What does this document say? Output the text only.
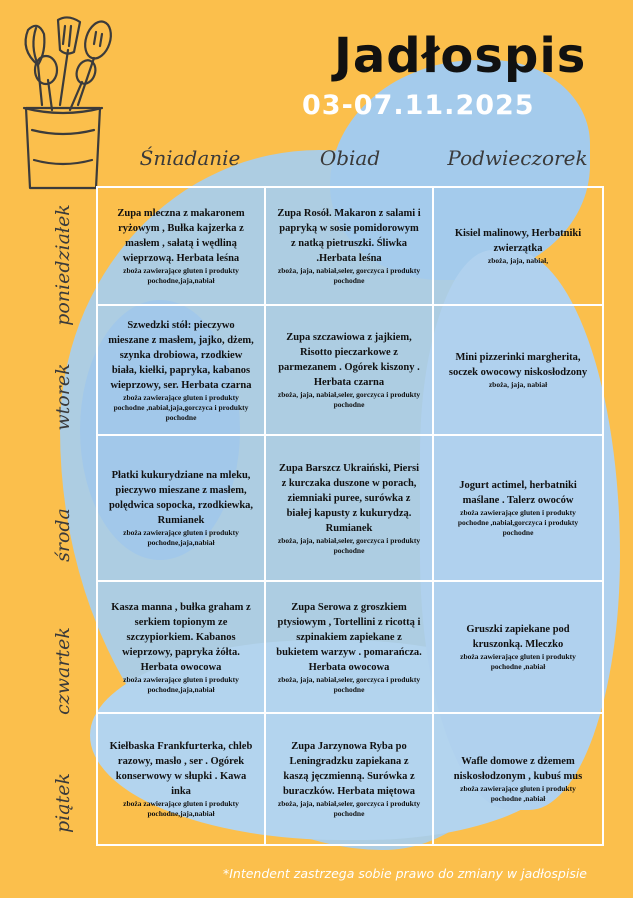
Jadłospis
03-07.11.2025
Śniadanie	Obiad	Podwieczorek
poniedziałek
wtorek
środa
czwartek
piątek
Zupa mleczna z makaronem ryżowym , Bułka kajzerka z masłem , sałatą i wędliną wieprzową. Herbata leśna
zboża zawierające gluten i produkty pochodne,jaja,nabiał
Zupa Rosół. Makaron z salami i papryką w sosie pomidorowym z natką pietruszki. Śliwka .Herbata leśna
zboża, jaja, nabiał,seler, gorczyca i produkty pochodne
Kisiel malinowy, Herbatniki zwierzątka
zboża, jaja, nabiał,
Szwedzki stół: pieczywo mieszane z masłem, jajko, dżem, szynka drobiowa, rzodkiew biała, kiełki, papryka, kabanos wieprzowy, ser. Herbata czarna
zboża zawierające gluten i produkty pochodne ,nabiał,jaja,gorczyca i produkty pochodne
Zupa szczawiowa z jajkiem, Risotto pieczarkowe z parmezanem . Ogórek kiszony . Herbata czarna
zboża, jaja, nabiał,seler, gorczyca i produkty pochodne
Mini pizzerinki margherita, soczek owocowy niskosłodzony
zboża, jaja, nabiał
Płatki kukurydziane na mleku, pieczywo mieszane z masłem, polędwica sopocka, rzodkiewka, Rumianek
zboża zawierające gluten i produkty pochodne,jaja,nabiał
Zupa Barszcz Ukraiński, Piersi z kurczaka duszone w porach, ziemniaki puree, surówka z białej kapusty z kukurydzą. Rumianek
zboża, jaja, nabiał,seler, gorczyca i produkty pochodne
Jogurt actimel, herbatniki maślane . Talerz owoców
zboża zawierające gluten i produkty pochodne ,nabiał,gorczyca i produkty pochodne
Kasza manna , bułka graham z serkiem topionym ze szczypiorkiem. Kabanos wieprzowy, papryka żółta. Herbata owocowa
zboża zawierające gluten i produkty pochodne,jaja,nabiał
Zupa Serowa z groszkiem ptysiowym , Tortellini z ricottą i szpinakiem zapiekane z bukietem warzyw . pomarańcza. Herbata owocowa
zboża, jaja, nabiał,seler, gorczyca i produkty pochodne
Gruszki zapiekane pod kruszonką. Mleczko
zboża zawierające gluten i produkty pochodne ,nabiał
Kiełbaska Frankfurterka, chleb razowy, masło , ser . Ogórek konserwowy w słupki . Kawa inka
zboża zawierające gluten i produkty pochodne,jaja,nabiał
Zupa Jarzynowa Ryba po Leningradzku zapiekana z kaszą jęczmienną. Surówka z buraczków. Herbata miętowa
zboża, jaja, nabiał,seler, gorczyca i produkty pochodne
Wafle domowe z dżemem niskosłodzonym , kubuś mus
zboża zawierające gluten i produkty pochodne ,nabiał
*Intendent zastrzega sobie prawo do zmiany w jadłospisie
